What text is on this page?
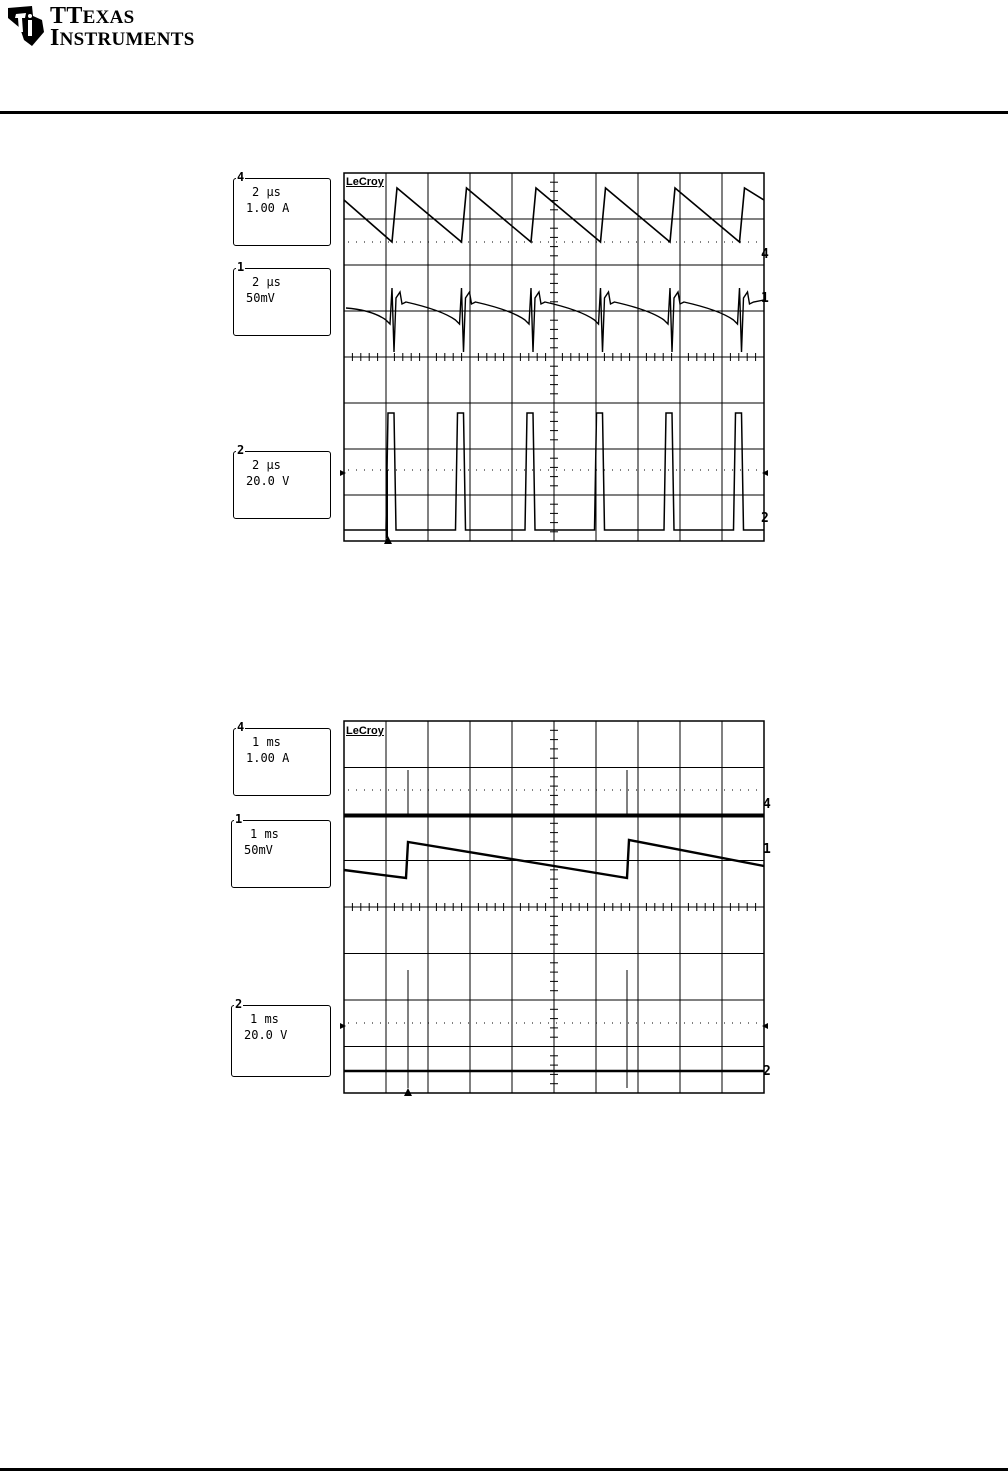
TTEXAS
INSTRUMENTS
2 µs
1.00 A
4
2 µs
50mV
1
2 µs
20.0 V
2
LeCroy
4
1
2
1 ms
1.00 A
4
1 ms
50mV
1
1 ms
20.0 V
2
LeCroy
4
1
2
